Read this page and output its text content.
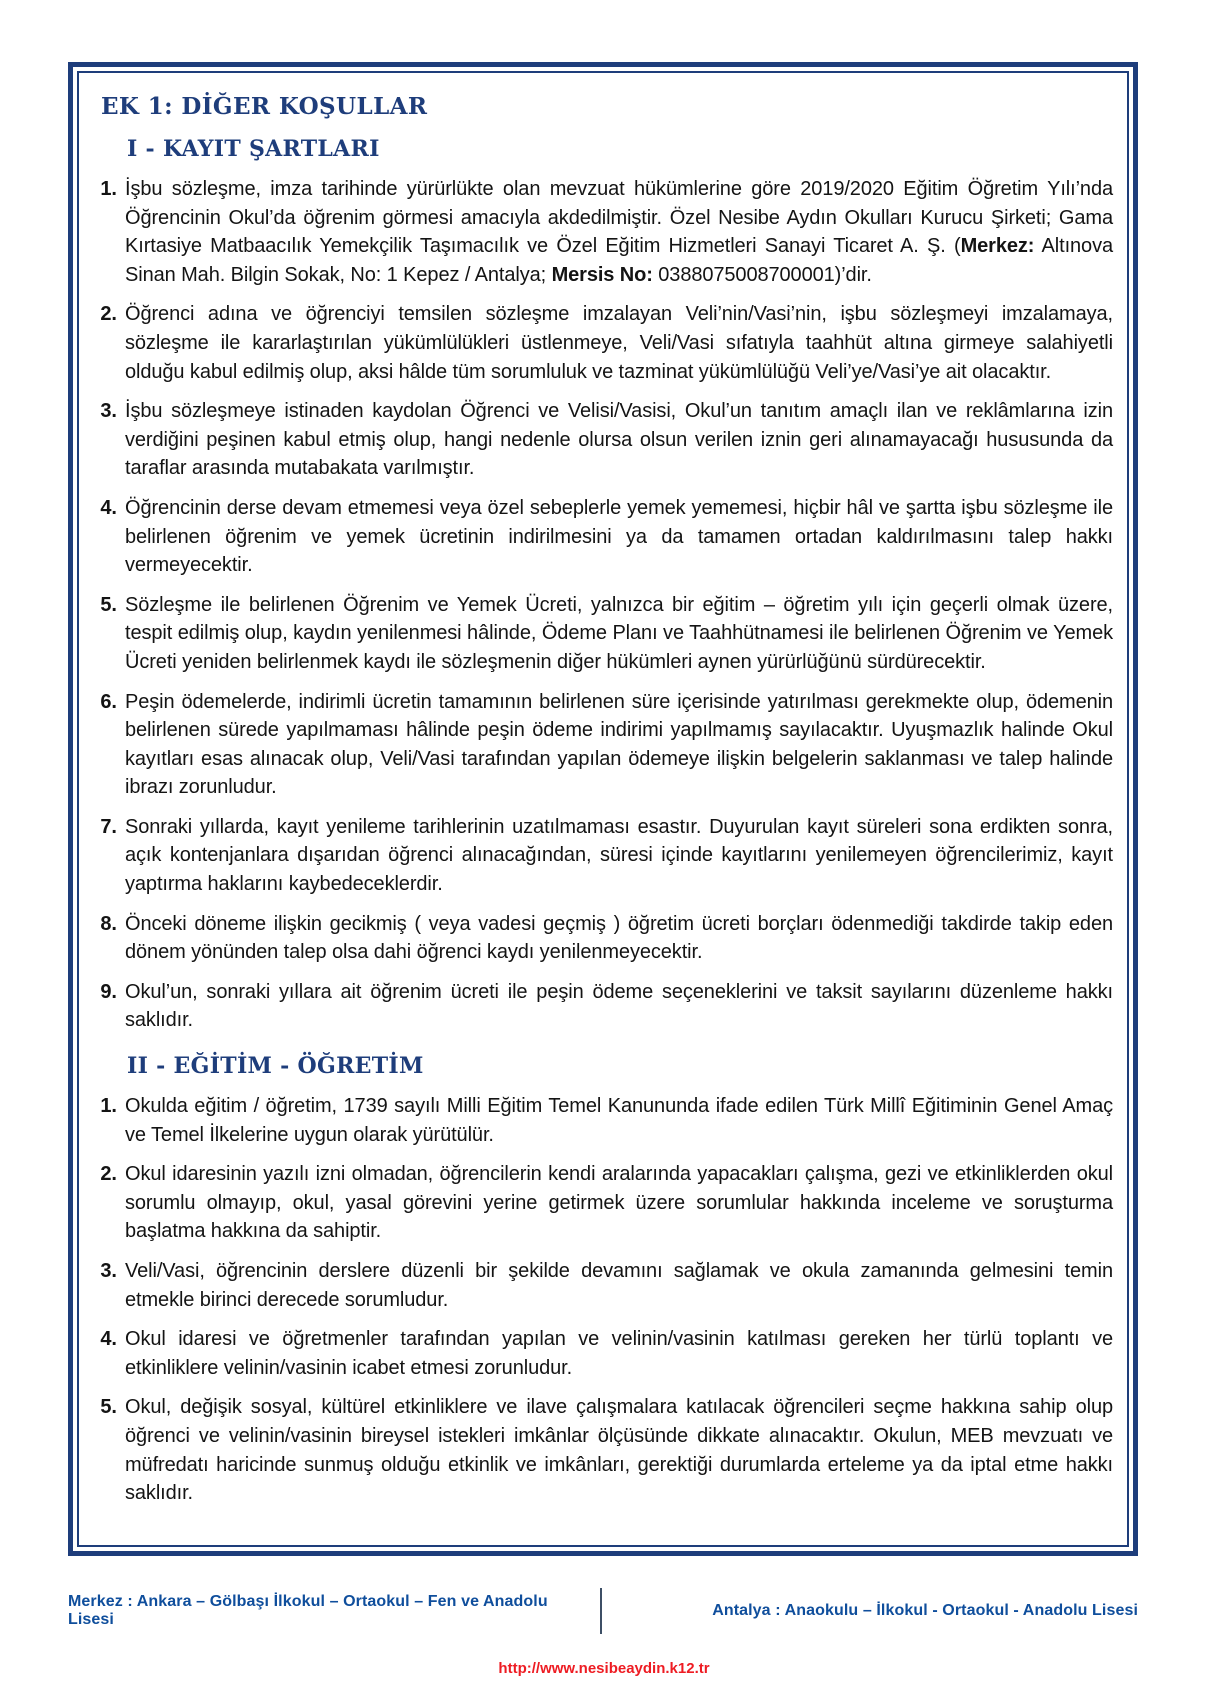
EK 1: DİĞER KOŞULLAR
I - KAYIT ŞARTLARI
1. İşbu sözleşme, imza tarihinde yürürlükte olan mevzuat hükümlerine göre 2019/2020 Eğitim Öğretim Yılı’nda Öğrencinin Okul’da öğrenim görmesi amacıyla akdedilmiştir. Özel Nesibe Aydın Okulları Kurucu Şirketi; Gama Kırtasiye Matbaacılık Yemekçilik Taşımacılık ve Özel Eğitim Hizmetleri Sanayi Ticaret A. Ş. (Merkez: Altınova Sinan Mah. Bilgin Sokak, No: 1 Kepez / Antalya; Mersis No: 0388075008700001)’dir.

2. Öğrenci adına ve öğrenciyi temsilen sözleşme imzalayan Veli’nin/Vasi’nin, işbu sözleşmeyi imzalamaya, sözleşme ile kararlaştırılan yükümlülükleri üstlenmeye, Veli/Vasi sıfatıyla taahhüt altına girmeye salahiyetli olduğu kabul edilmiş olup, aksi hâlde tüm sorumluluk ve tazminat yükümlülüğü Veli’ye/Vasi’ye ait olacaktır.

3. İşbu sözleşmeye istinaden kaydolan Öğrenci ve Velisi/Vasisi, Okul’un tanıtım amaçlı ilan ve reklâmlarına izin verdiğini peşinen kabul etmiş olup, hangi nedenle olursa olsun verilen iznin geri alınamayacağı hususunda da taraflar arasında mutabakata varılmıştır.

4. Öğrencinin derse devam etmemesi veya özel sebeplerle yemek yememesi, hiçbir hâl ve şartta işbu sözleşme ile belirlenen öğrenim ve yemek ücretinin indirilmesini ya da tamamen ortadan kaldırılmasını talep hakkı vermeyecektir.

5. Sözleşme ile belirlenen Öğrenim ve Yemek Ücreti, yalnızca bir eğitim – öğretim yılı için geçerli olmak üzere, tespit edilmiş olup, kaydın yenilenmesi hâlinde, Ödeme Planı ve Taahhütnamesi ile belirlenen Öğrenim ve Yemek Ücreti yeniden belirlenmek kaydı ile sözleşmenin diğer hükümleri aynen yürürlüğünü sürdürecektir.

6. Peşin ödemelerde, indirimli ücretin tamamının belirlenen süre içerisinde yatırılması gerekmekte olup, ödemenin belirlenen sürede yapılmaması hâlinde peşin ödeme indirimi yapılmamış sayılacaktır. Uyuşmazlık halinde Okul kayıtları esas alınacak olup, Veli/Vasi tarafından yapılan ödemeye ilişkin belgelerin saklanması ve talep halinde ibrazı zorunludur.

7. Sonraki yıllarda, kayıt yenileme tarihlerinin uzatılmaması esastır. Duyurulan kayıt süreleri sona erdikten sonra, açık kontenjanlara dışarıdan öğrenci alınacağından, süresi içinde kayıtlarını yenilemeyen öğrencilerimiz, kayıt yaptırma haklarını kaybedeceklerdir.

8. Önceki döneme ilişkin gecikmiş ( veya vadesi geçmiş ) öğretim ücreti borçları ödenmediği takdirde takip eden dönem yönünden talep olsa dahi öğrenci kaydı yenilenmeyecektir.

9. Okul’un, sonraki yıllara ait öğrenim ücreti ile peşin ödeme seçeneklerini ve taksit sayılarını düzenleme hakkı saklıdır.

II - EĞİTİM - ÖĞRETİM
1. Okulda eğitim / öğretim, 1739 sayılı Milli Eğitim Temel Kanununda ifade edilen Türk Millî Eğitiminin Genel Amaç ve Temel İlkelerine uygun olarak yürütülür.

2. Okul idaresinin yazılı izni olmadan, öğrencilerin kendi aralarında yapacakları çalışma, gezi ve etkinliklerden okul sorumlu olmayıp, okul, yasal görevini yerine getirmek üzere sorumlular hakkında inceleme ve soruşturma başlatma hakkına da sahiptir.

3. Veli/Vasi, öğrencinin derslere düzenli bir şekilde devamını sağlamak ve okula zamanında gelmesini temin etmekle birinci derecede sorumludur.

4. Okul idaresi ve öğretmenler tarafından yapılan ve velinin/vasinin katılması gereken her türlü toplantı ve etkinliklere velinin/vasinin icabet etmesi zorunludur.

5. Okul, değişik sosyal, kültürel etkinliklere ve ilave çalışmalara katılacak öğrencileri seçme hakkına sahip olup öğrenci ve velinin/vasinin bireysel istekleri imkânlar ölçüsünde dikkate alınacaktır. Okulun, MEB mevzuatı ve müfredatı haricinde sunmuş olduğu etkinlik ve imkânları, gerektiği durumlarda erteleme ya da iptal etme hakkı saklıdır.

Merkez : Ankara – Gölbaşı İlkokul – Ortaokul – Fen ve Anadolu Lisesi
Antalya : Anaokulu – İlkokul - Ortaokul - Anadolu Lisesi
http://www.nesibeaydin.k12.tr
